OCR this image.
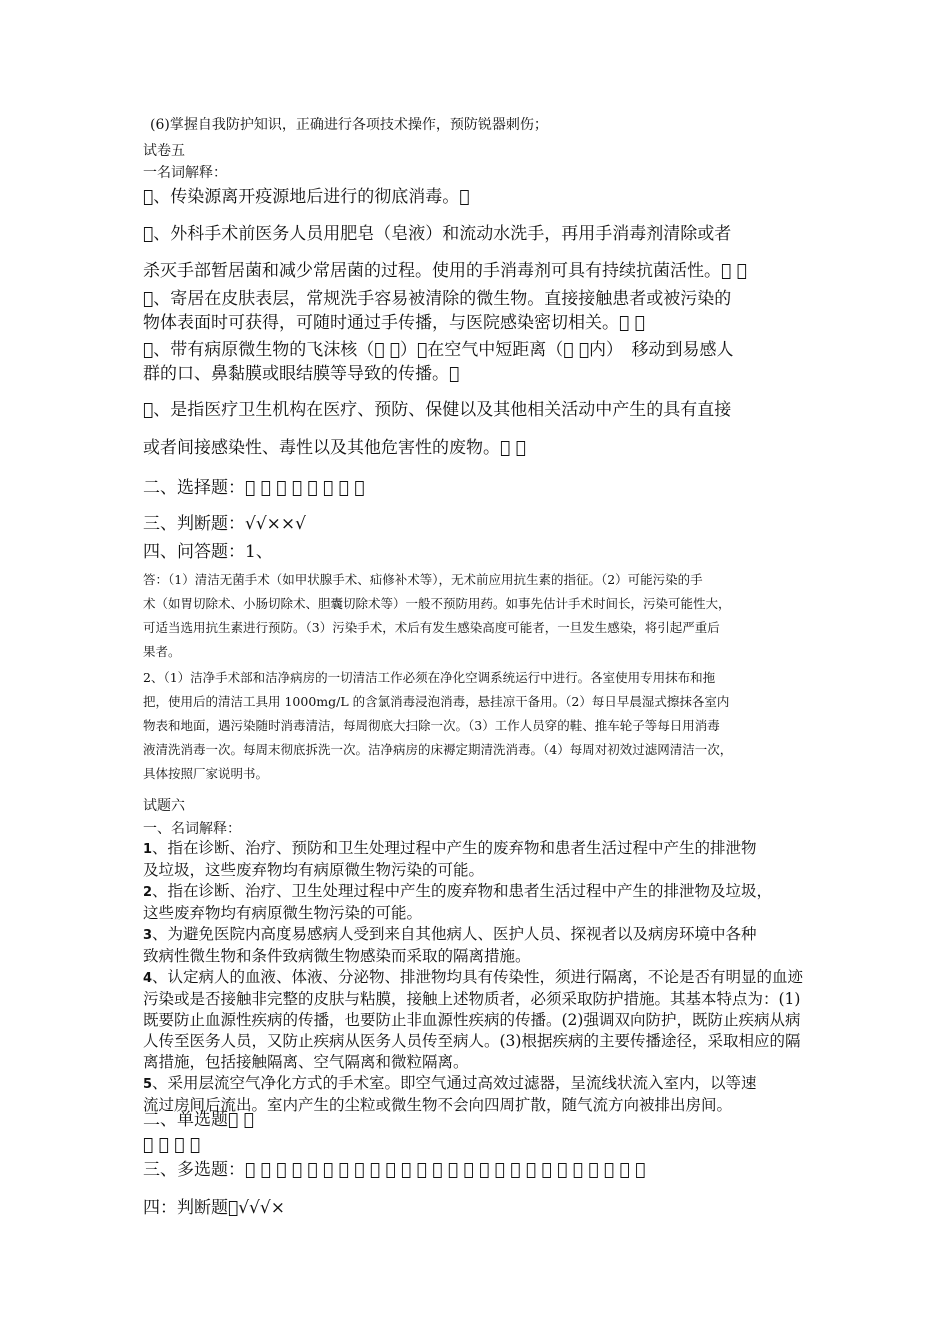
(6)掌握自我防护知识，正确进行各项技术操作，预防锐器刺伤；
试卷五
一名词解释：
􀀁、传染源离开疫源地后进行的彻底消毒。􀀁
􀀁、外科手术前医务人员用肥皂（皂液）和流动水洗手，再用手消毒剂清除或者
杀灭手部暂居菌和减少常居菌的过程。使用的手消毒剂可具有持续抗菌活性。􀀁 􀀁
􀀁、寄居在皮肤表层，常规洗手容易被清除的微生物。直接接触患者或被污染的
物体表面时可获得，可随时通过手传播，与医院感染密切相关。􀀁 􀀁
􀀁、带有病原微生物的飞沫核（􀀁 􀀁）􀀁在空气中短距离（􀀁 􀀁内）　移动到易感人
群的口、鼻黏膜或眼结膜等导致的传播。􀀁
􀀁、是指医疗卫生机构在医疗、预防、保健以及其他相关活动中产生的具有直接
或者间接感染性、毒性以及其他危害性的废物。􀀁 􀀁
二、选择题：􀀁 􀀁 􀀁 􀀁 􀀁 􀀁 􀀁 􀀁
三、判断题：√√××√
四、问答题：1、
答：（1）清洁无菌手术（如甲状腺手术、疝修补术等），无术前应用抗生素的指征。（2）可能污染的手
术（如胃切除术、小肠切除术、胆囊切除术等）一般不预防用药。如事先估计手术时间长，污染可能性大，
可适当选用抗生素进行预防。（3）污染手术，术后有发生感染高度可能者，一旦发生感染，将引起严重后
果者。
2、（1）洁净手术部和洁净病房的一切清洁工作必须在净化空调系统运行中进行。各室使用专用抹布和拖
把，使用后的清洁工具用 1000mg/L 的含氯消毒浸泡消毒，悬挂凉干备用。（2）每日早晨湿式擦抹各室内
物表和地面，遇污染随时消毒清洁，每周彻底大扫除一次。（3）工作人员穿的鞋、推车轮子等每日用消毒
液清洗消毒一次。每周末彻底拆洗一次。洁净病房的床褥定期清洗消毒。（4）每周对初效过滤网清洁一次，
具体按照厂家说明书。
试题六
一、名词解释：
1、指在诊断、治疗、预防和卫生处理过程中产生的废弃物和患者生活过程中产生的排泄物
及垃圾，这些废弃物均有病原微生物污染的可能。
2、指在诊断、治疗、卫生处理过程中产生的废弃物和患者生活过程中产生的排泄物及垃圾，
这些废弃物均有病原微生物污染的可能。
3、为避免医院内高度易感病人受到来自其他病人、医护人员、探视者以及病房环境中各种
致病性微生物和条件致病微生物感染而采取的隔离措施。
4、认定病人的血液、体液、分泌物、排泄物均具有传染性，须进行隔离，不论是否有明显的血迹
污染或是否接触非完整的皮肤与粘膜，接触上述物质者，必须采取防护措施。其基本特点为：(1)
既要防止血源性疾病的传播，也要防止非血源性疾病的传播。(2)强调双向防护，既防止疾病从病
人传至医务人员，又防止疾病从医务人员传至病人。(3)根据疾病的主要传播途径，采取相应的隔
离措施，包括接触隔离、空气隔离和微粒隔离。
5、采用层流空气净化方式的手术室。即空气通过高效过滤器，呈流线状流入室内，以等速
流过房间后流出。室内产生的尘粒或微生物不会向四周扩散，随气流方向被排出房间。
二、单选题􀀁 􀀁
􀀁 􀀁 􀀁 􀀁
三、多选题：􀀁 􀀁 􀀁 􀀁 􀀁 􀀁 􀀁 􀀁 􀀁 􀀁 􀀁 􀀁 􀀁 􀀁 􀀁 􀀁 􀀁 􀀁 􀀁 􀀁 􀀁 􀀁 􀀁 􀀁 􀀁 􀀁
四：判断题􀀁√√√×
